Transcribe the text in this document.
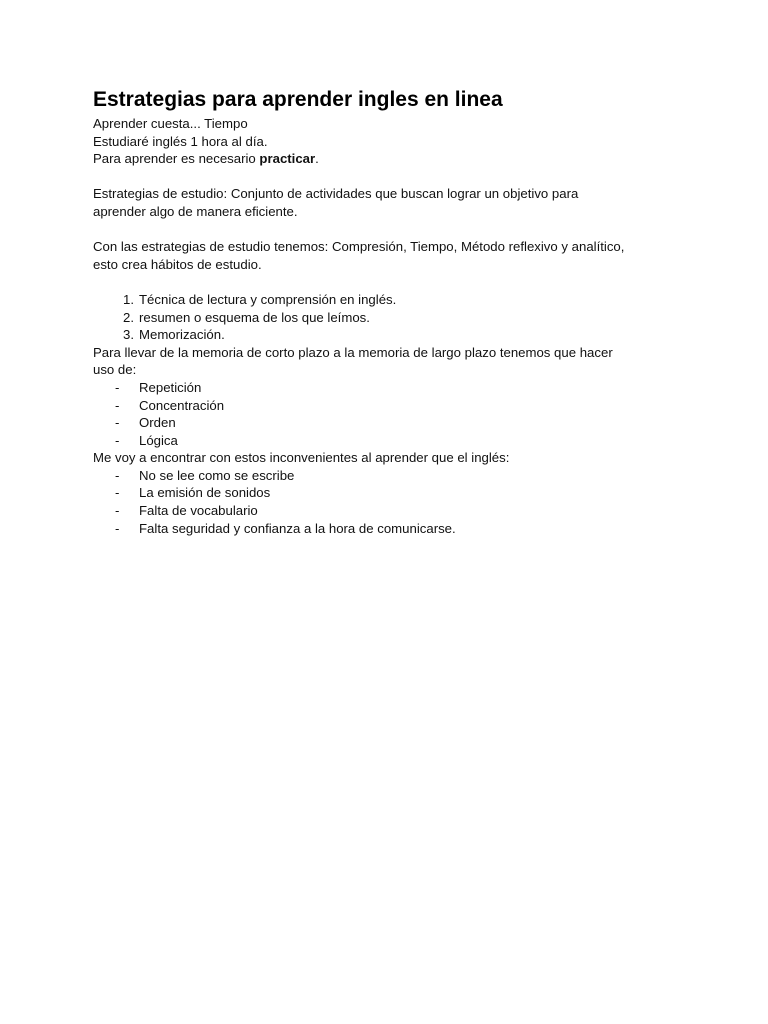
Estrategias para aprender ingles en linea

Aprender cuesta... Tiempo
Estudiaré inglés 1 hora al día.
Para aprender es necesario practicar.

Estrategias de estudio: Conjunto de actividades que buscan lograr un objetivo para
aprender algo de manera eficiente.

Con las estrategias de estudio tenemos: Compresión, Tiempo, Método reflexivo y analítico,
esto crea hábitos de estudio.

1. Técnica de lectura y comprensión en inglés.
2. resumen o esquema de los que leímos.
3. Memorización.

Para llevar de la memoria de corto plazo a la memoria de largo plazo tenemos que hacer
uso de:

- Repetición
- Concentración
- Orden
- Lógica

Me voy a encontrar con estos inconvenientes al aprender que el inglés:

- No se lee como se escribe
- La emisión de sonidos
- Falta de vocabulario
- Falta seguridad y confianza a la hora de comunicarse.
